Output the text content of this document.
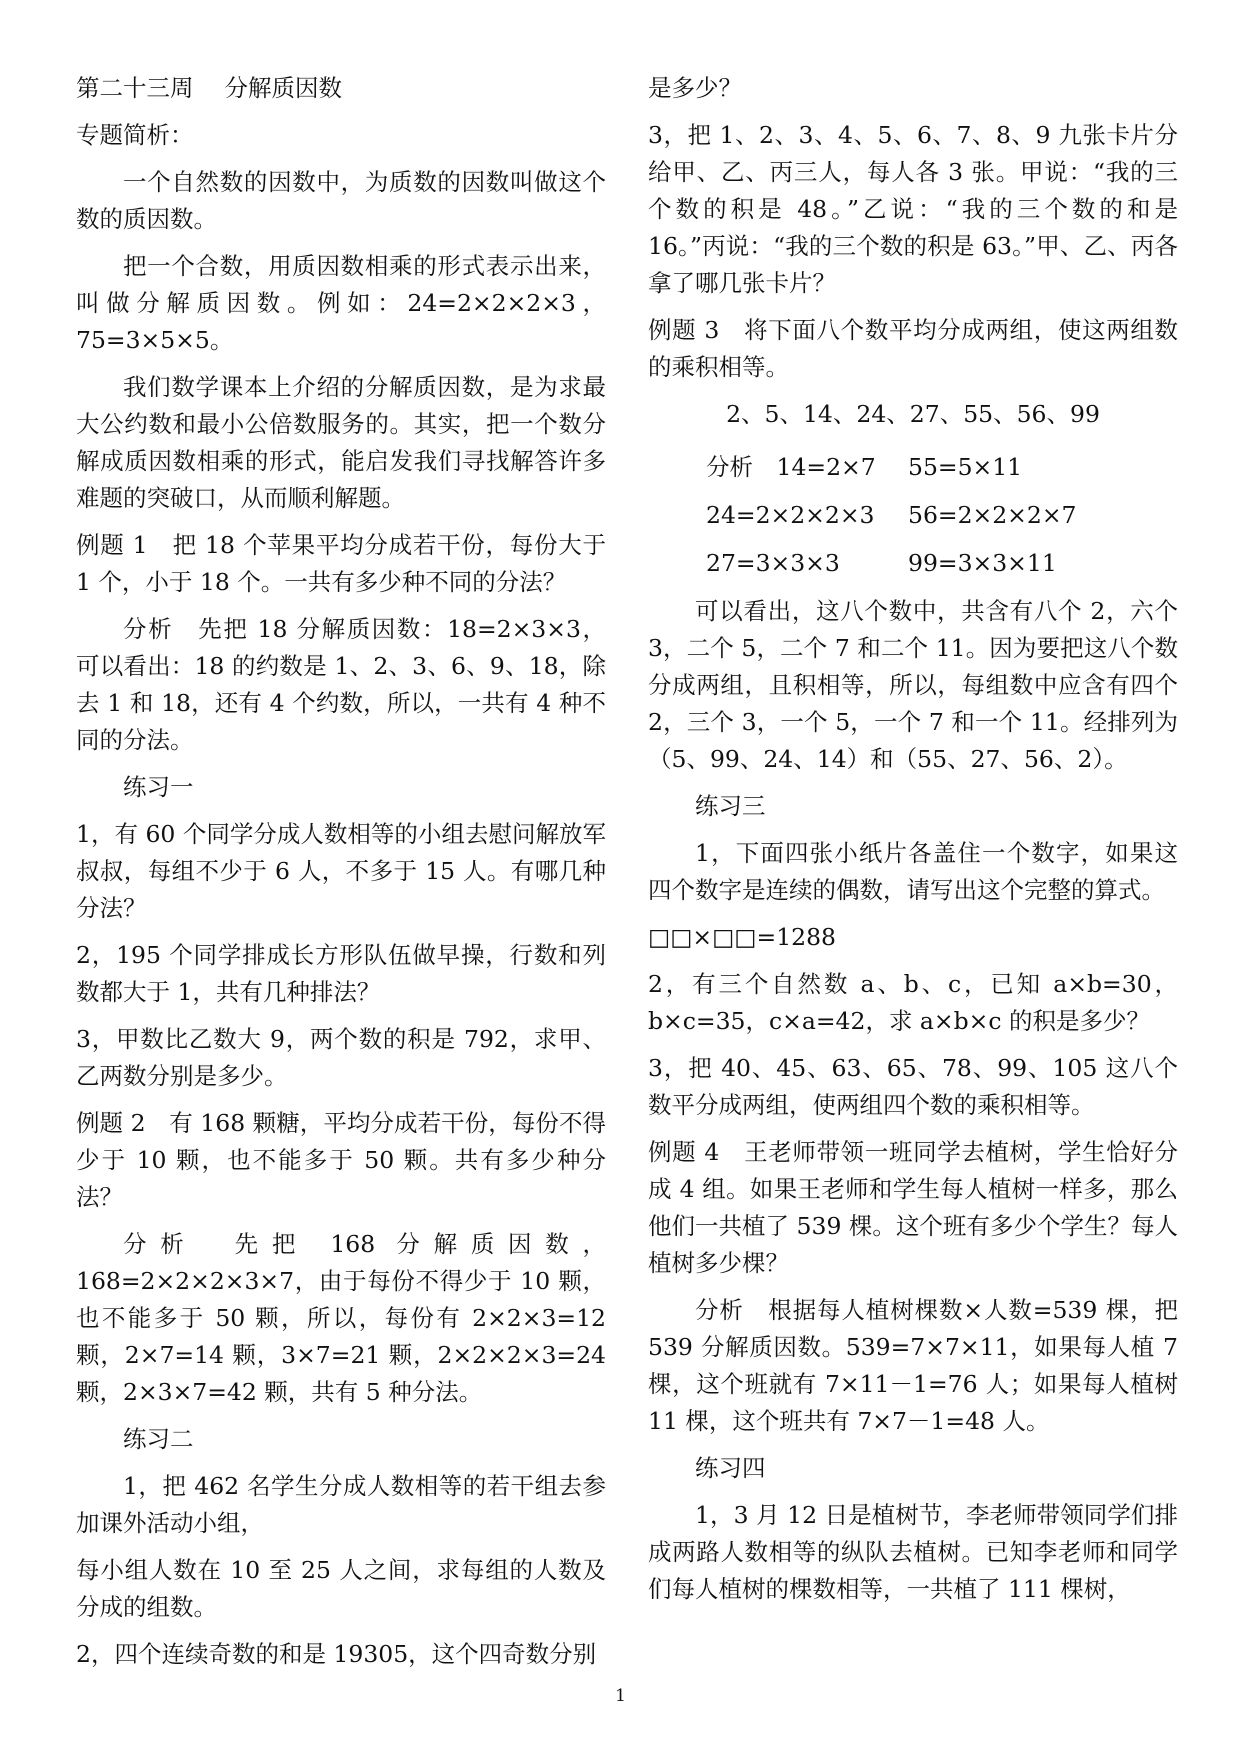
第二十三周　 分解质因数

专题简析：

一个自然数的因数中，为质数的因数叫做这个数的质因数。

把一个合数，用质因数相乘的形式表示出来，叫做分解质因数。例如：24=2×2×2×3，75=3×5×5。

我们数学课本上介绍的分解质因数，是为求最大公约数和最小公倍数服务的。其实，把一个数分解成质因数相乘的形式，能启发我们寻找解答许多难题的突破口，从而顺利解题。

例题 1　把 18 个苹果平均分成若干份，每份大于 1 个，小于 18 个。一共有多少种不同的分法？

分析　先把 18 分解质因数：18=2×3×3，可以看出：18 的约数是 1、2、3、6、9、18，除去 1 和 18，还有 4 个约数，所以，一共有 4 种不同的分法。

练习一

1，有 60 个同学分成人数相等的小组去慰问解放军叔叔，每组不少于 6 人，不多于 15 人。有哪几种分法？

2，195 个同学排成长方形队伍做早操，行数和列数都大于 1，共有几种排法？

3，甲数比乙数大 9，两个数的积是 792，求甲、乙两数分别是多少。

例题 2　有 168 颗糖，平均分成若干份，每份不得少于 10 颗，也不能多于 50 颗。共有多少种分法？

分析　先把 168 分解质因数，168=2×2×2×3×7，由于每份不得少于 10 颗，也不能多于 50 颗，所以，每份有 2×2×3=12 颗，2×7=14 颗，3×7=21 颗，2×2×2×3=24 颗，2×3×7=42 颗，共有 5 种分法。

练习二

1，把 462 名学生分成人数相等的若干组去参加课外活动小组，

每小组人数在 10 至 25 人之间，求每组的人数及分成的组数。

2，四个连续奇数的和是 19305，这个四奇数分别

是多少？

3，把 1、2、3、4、5、6、7、8、9 九张卡片分给甲、乙、丙三人，每人各 3 张。甲说：“我的三个数的积是 48。”乙说：“我的三个数的和是 16。”丙说：“我的三个数的积是 63。”甲、乙、丙各拿了哪几张卡片？

例题 3　将下面八个数平均分成两组，使这两组数的乘积相等。

2、5、14、24、27、55、56、99

分析　14=2×7	55=5×11
24=2×2×2×3	56=2×2×2×7
27=3×3×3	99=3×3×11

可以看出，这八个数中，共含有八个 2，六个 3，二个 5，二个 7 和二个 11。因为要把这八个数分成两组，且积相等，所以，每组数中应含有四个 2，三个 3，一个 5，一个 7 和一个 11。经排列为（5、99、24、14）和（55、27、56、2）。

练习三

1，下面四张小纸片各盖住一个数字，如果这四个数字是连续的偶数，请写出这个完整的算式。

□□×□□=1288

2，有三个自然数 a、b、c，已知 a×b=30，b×c=35，c×a=42，求 a×b×c 的积是多少？

3，把 40、45、63、65、78、99、105 这八个数平分成两组，使两组四个数的乘积相等。

例题 4　王老师带领一班同学去植树，学生恰好分成 4 组。如果王老师和学生每人植树一样多，那么他们一共植了 539 棵。这个班有多少个学生？每人植树多少棵？

分析　根据每人植树棵数×人数=539 棵，把 539 分解质因数。539=7×7×11，如果每人植 7 棵，这个班就有 7×11－1=76 人；如果每人植树 11 棵，这个班共有 7×7－1=48 人。

练习四

1，3 月 12 日是植树节，李老师带领同学们排成两路人数相等的纵队去植树。已知李老师和同学们每人植树的棵数相等，一共植了 111 棵树，

1
